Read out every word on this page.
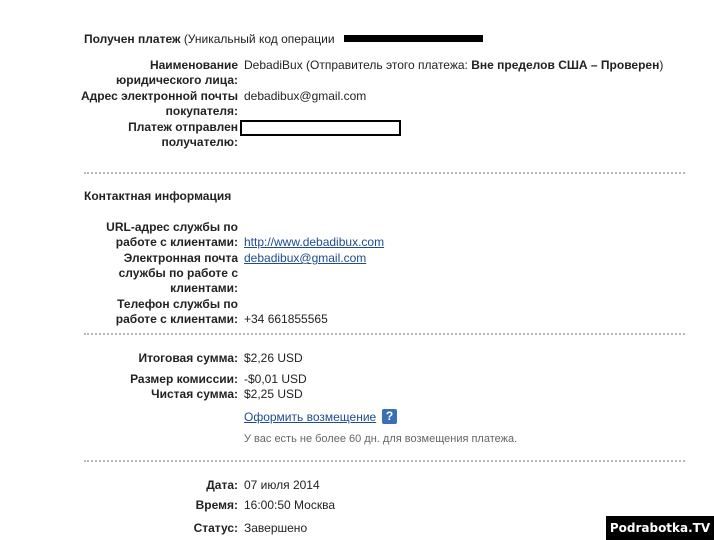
Получен платеж (Уникальный код операции
Наименование юридического лица:
DebadiBux (Отправитель этого платежа: Вне пределов США – Проверен)
Адрес электронной почты покупателя:
debadibux@gmail.com
Платеж отправлен получателю:
Контактная информация
URL-адрес службы по работе с клиентами: http://www.debadibux.com
Электронная почта службы по работе с клиентами:
debadibux@gmail.com
Телефон службы по работе с клиентами: +34 661855565
Итоговая сумма: $2,26 USD
Размер комиссии: -$0,01 USD
Чистая сумма: $2,25 USD
Оформить возмещение ?
У вас есть не более 60 дн. для возмещения платежа.
Дата: 07 июля 2014
Время: 16:00:50 Москва
Статус: Завершено	Podrabotka.TV
